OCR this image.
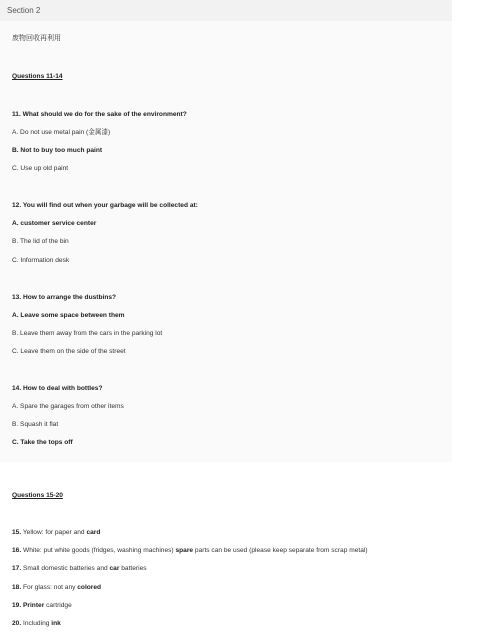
Section 2
废物回收再利用
Questions 11-14
11. What should we do for the sake of the environment?
A. Do not use metal pain (金属漆)
B. Not to buy too much paint
C. Use up old paint
12. You will find out when your garbage will be collected at:
A. customer service center
B. The lid of the bin
C. Information desk
13. How to arrange the dustbins?
A. Leave some space between them
B. Leave them away from the cars in the parking lot
C. Leave them on the side of the street
14. How to deal with bottles?
A. Spare the garages from other items
B. Squash it flat
C. Take the tops off
Questions 15-20
15. Yellow: for paper and card
16. White: put white goods (fridges, washing machines) spare parts can be used (please keep separate from scrap metal)
17. Small domestic batteries and car batteries
18. For glass: not any colored
19. Printer cartridge
20. Including ink
